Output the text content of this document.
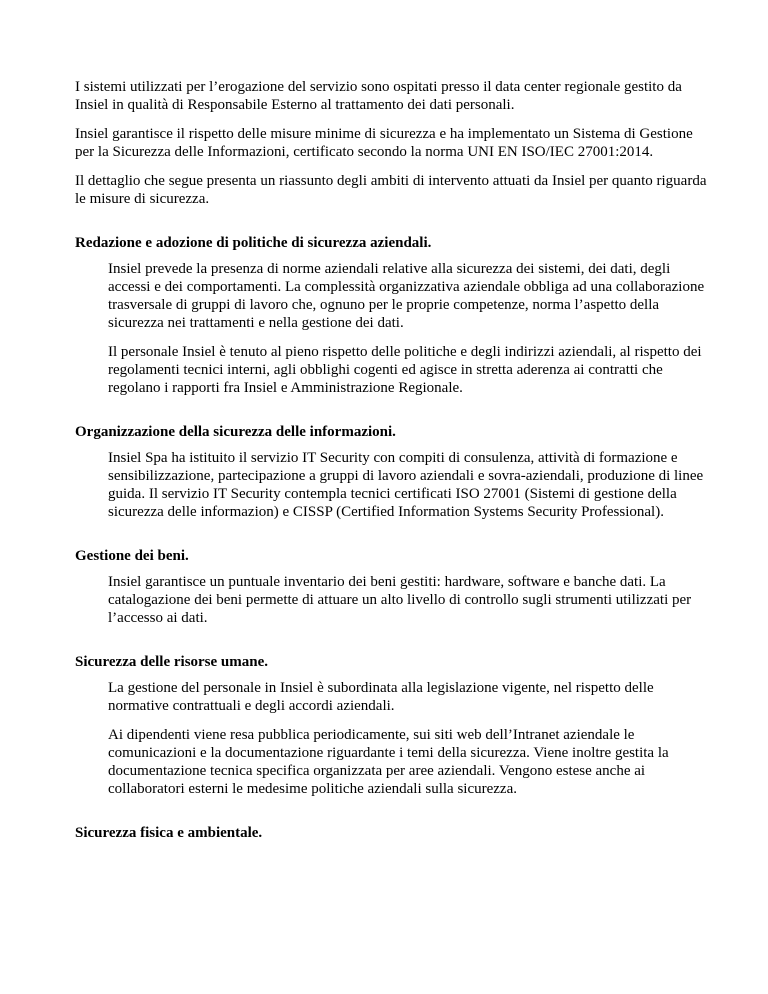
I sistemi utilizzati per l’erogazione del servizio sono ospitati presso il data center regionale gestito da Insiel in qualità di Responsabile Esterno al trattamento dei dati personali.

Insiel garantisce il rispetto delle misure minime di sicurezza e ha implementato un Sistema di Gestione per la Sicurezza delle Informazioni, certificato secondo la norma UNI EN ISO/IEC 27001:2014.

Il dettaglio che segue presenta un riassunto degli ambiti di intervento attuati da Insiel per quanto riguarda le misure di sicurezza.

Redazione e adozione di politiche di sicurezza aziendali.

Insiel prevede la presenza di norme aziendali relative alla sicurezza dei sistemi, dei dati, degli accessi e dei comportamenti. La complessità organizzativa aziendale obbliga ad una collaborazione trasversale di gruppi di lavoro che, ognuno per le proprie competenze, norma l’aspetto della sicurezza nei trattamenti e nella gestione dei dati.

Il personale Insiel è tenuto al pieno rispetto delle politiche e degli indirizzi aziendali, al rispetto dei regolamenti tecnici interni, agli obblighi cogenti ed agisce in stretta aderenza ai contratti che regolano i rapporti fra Insiel e Amministrazione Regionale.

Organizzazione della sicurezza delle informazioni.

Insiel Spa ha istituito il servizio IT Security con compiti di consulenza, attività di formazione e sensibilizzazione, partecipazione a gruppi di lavoro aziendali e sovra-aziendali, produzione di linee guida. Il servizio IT Security contempla tecnici certificati ISO 27001 (Sistemi di gestione della sicurezza delle informazion) e CISSP (Certified Information Systems Security Professional).

Gestione dei beni.

Insiel garantisce un puntuale inventario dei beni gestiti: hardware, software e banche dati. La catalogazione dei beni permette di attuare un alto livello di controllo sugli strumenti utilizzati per l’accesso ai dati.

Sicurezza delle risorse umane.

La gestione del personale in Insiel è subordinata alla legislazione vigente, nel rispetto delle normative contrattuali e degli accordi aziendali.

Ai dipendenti viene resa pubblica periodicamente, sui siti web dell’Intranet aziendale le comunicazioni e la documentazione riguardante i temi della sicurezza. Viene inoltre gestita la documentazione tecnica specifica organizzata per aree aziendali. Vengono estese anche ai collaboratori esterni le medesime politiche aziendali sulla sicurezza.

Sicurezza fisica e ambientale.
